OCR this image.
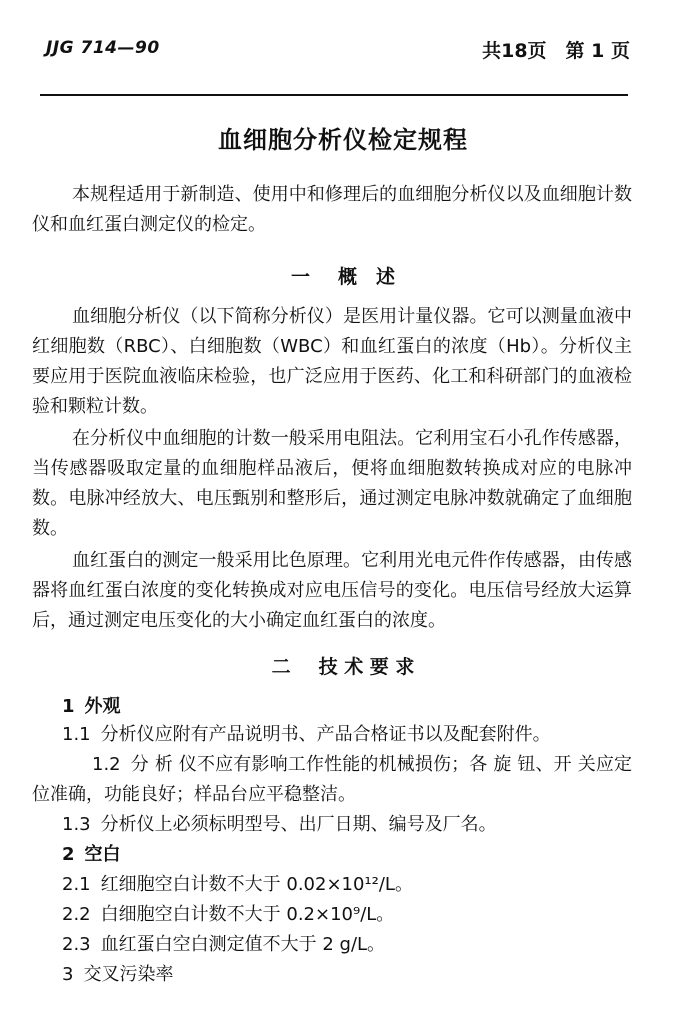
JJG 714—90	共18页　第 1 页
血细胞分析仪检定规程

本规程适用于新制造、使用中和修理后的血细胞分析仪以及血细胞计数仪和血红蛋白测定仪的检定。

一 概　述

血细胞分析仪（以下简称分析仪）是医用计量仪器。它可以测量血液中红细胞数（RBC）、白细胞数（WBC）和血红蛋白的浓度（Hb）。分析仪主要应用于医院血液临床检验，也广泛应用于医药、化工和科研部门的血液检验和颗粒计数。

在分析仪中血细胞的计数一般采用电阻法。它利用宝石小孔作传感器，当传感器吸取定量的血细胞样品液后，便将血细胞数转换成对应的电脉冲数。电脉冲经放大、电压甄别和整形后，通过测定电脉冲数就确定了血细胞数。

血红蛋白的测定一般采用比色原理。它利用光电元件作传感器，由传感器将血红蛋白浓度的变化转换成对应电压信号的变化。电压信号经放大运算后，通过测定电压变化的大小确定血红蛋白的浓度。

二 技 术 要 求
1 外观
1.1 分析仪应附有产品说明书、产品合格证书以及配套附件。

1.2 分 析 仪不应有影响工作性能的机械损伤；各 旋 钮、开 关应定位准确，功能良好；样品台应平稳整洁。

1.3 分析仪上必须标明型号、出厂日期、编号及厂名。
2 空白
2.1 红细胞空白计数不大于 0.02×10¹²/L。
2.2 白细胞空白计数不大于 0.2×10⁹/L。
2.3 血红蛋白空白测定值不大于 2 g/L。
3 交叉污染率
